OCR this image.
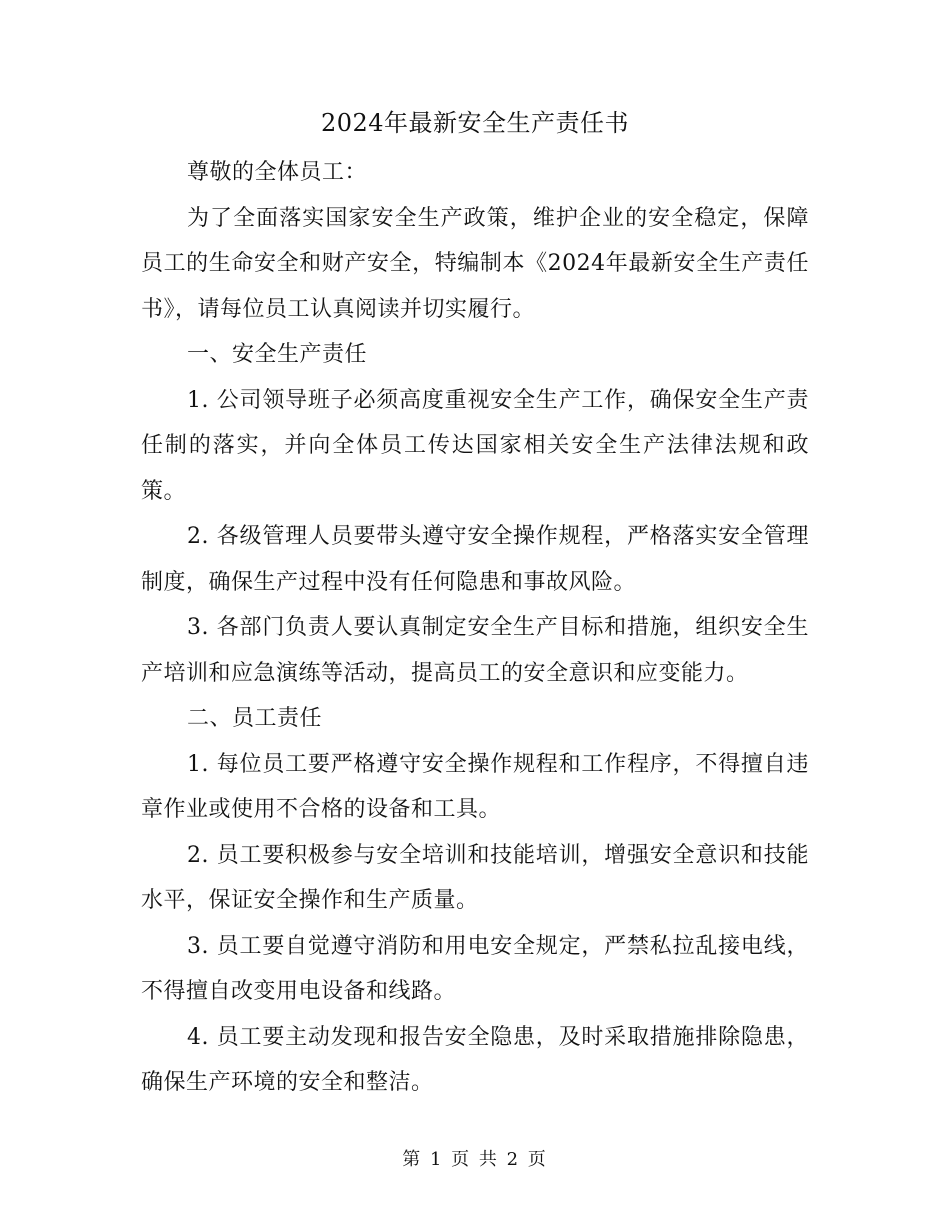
2024年最新安全生产责任书

尊敬的全体员工：

为了全面落实国家安全生产政策，维护企业的安全稳定，保障员工的生命安全和财产安全，特编制本《2024年最新安全生产责任书》，请每位员工认真阅读并切实履行。

一、安全生产责任

1. 公司领导班子必须高度重视安全生产工作，确保安全生产责任制的落实，并向全体员工传达国家相关安全生产法律法规和政策。

2. 各级管理人员要带头遵守安全操作规程，严格落实安全管理制度，确保生产过程中没有任何隐患和事故风险。

3. 各部门负责人要认真制定安全生产目标和措施，组织安全生产培训和应急演练等活动，提高员工的安全意识和应变能力。

二、员工责任

1. 每位员工要严格遵守安全操作规程和工作程序，不得擅自违章作业或使用不合格的设备和工具。

2. 员工要积极参与安全培训和技能培训，增强安全意识和技能水平，保证安全操作和生产质量。

3. 员工要自觉遵守消防和用电安全规定，严禁私拉乱接电线，不得擅自改变用电设备和线路。

4. 员工要主动发现和报告安全隐患，及时采取措施排除隐患，确保生产环境的安全和整洁。

第 1 页 共 2 页
